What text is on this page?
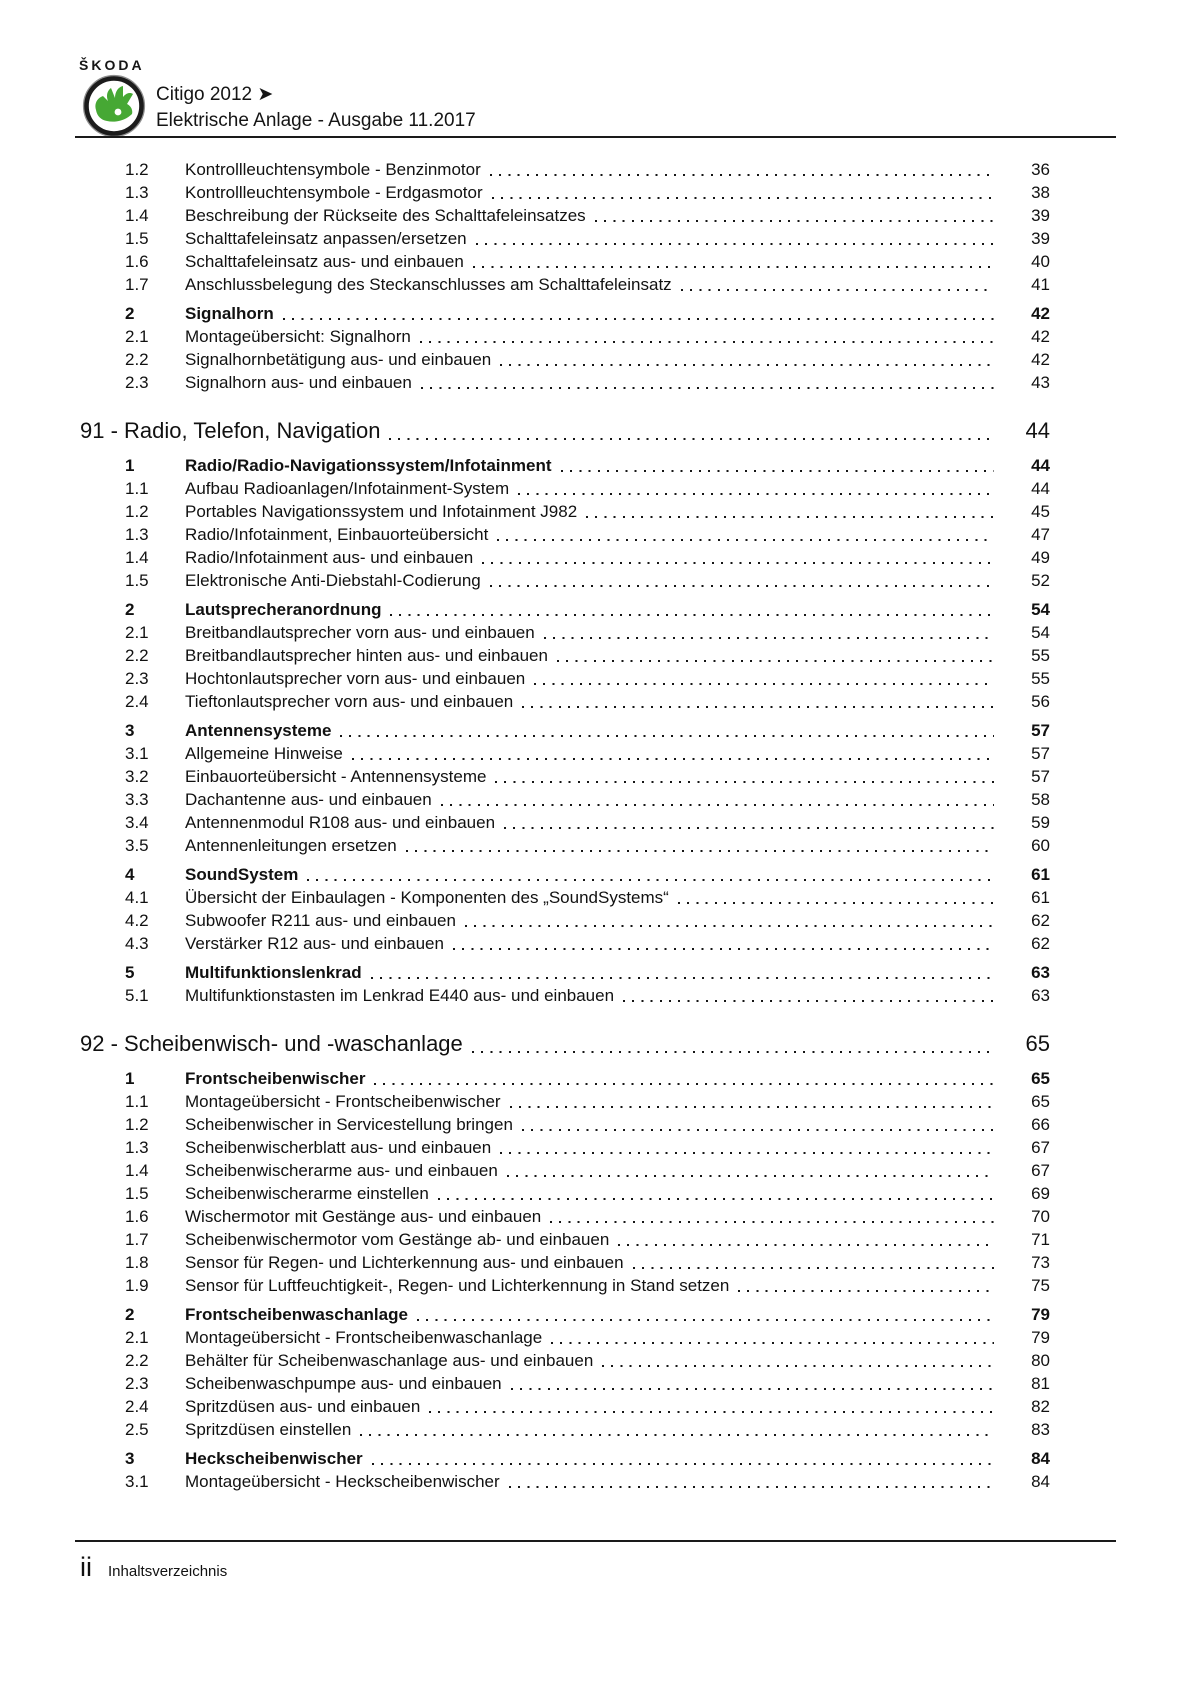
ŠKODA
Citigo 2012 ➤
Elektrische Anlage - Ausgabe 11.2017
1.2	Kontrollleuchtensymbole - Benzinmotor	36
1.3	Kontrollleuchtensymbole - Erdgasmotor	38
1.4	Beschreibung der Rückseite des Schalttafeleinsatzes	39
1.5	Schalttafeleinsatz anpassen/ersetzen	39
1.6	Schalttafeleinsatz aus- und einbauen	40
1.7	Anschlussbelegung des Steckanschlusses am Schalttafeleinsatz	41
2	Signalhorn	42
2.1	Montageübersicht: Signalhorn	42
2.2	Signalhornbetätigung aus- und einbauen	42
2.3	Signalhorn aus- und einbauen	43
91 - Radio, Telefon, Navigation	44
1	Radio/Radio-Navigationssystem/Infotainment	44
1.1	Aufbau Radioanlagen/Infotainment-System	44
1.2	Portables Navigationssystem und Infotainment J982	45
1.3	Radio/Infotainment, Einbauorteübersicht	47
1.4	Radio/Infotainment aus- und einbauen	49
1.5	Elektronische Anti-Diebstahl-Codierung	52
2	Lautsprecheranordnung	54
2.1	Breitbandlautsprecher vorn aus- und einbauen	54
2.2	Breitbandlautsprecher hinten aus- und einbauen	55
2.3	Hochtonlautsprecher vorn aus- und einbauen	55
2.4	Tieftonlautsprecher vorn aus- und einbauen	56
3	Antennensysteme	57
3.1	Allgemeine Hinweise	57
3.2	Einbauorteübersicht - Antennensysteme	57
3.3	Dachantenne aus- und einbauen	58
3.4	Antennenmodul R108 aus- und einbauen	59
3.5	Antennenleitungen ersetzen	60
4	SoundSystem	61
4.1	Übersicht der Einbaulagen - Komponenten des „SoundSystems“	61
4.2	Subwoofer R211 aus- und einbauen	62
4.3	Verstärker R12 aus- und einbauen	62
5	Multifunktionslenkrad	63
5.1	Multifunktionstasten im Lenkrad E440 aus- und einbauen	63
92 - Scheibenwisch- und -waschanlage	65
1	Frontscheibenwischer	65
1.1	Montageübersicht - Frontscheibenwischer	65
1.2	Scheibenwischer in Servicestellung bringen	66
1.3	Scheibenwischerblatt aus- und einbauen	67
1.4	Scheibenwischerarme aus- und einbauen	67
1.5	Scheibenwischerarme einstellen	69
1.6	Wischermotor mit Gestänge aus- und einbauen	70
1.7	Scheibenwischermotor vom Gestänge ab- und einbauen	71
1.8	Sensor für Regen- und Lichterkennung aus- und einbauen	73
1.9	Sensor für Luftfeuchtigkeit-, Regen- und Lichterkennung in Stand setzen	75
2	Frontscheibenwaschanlage	79
2.1	Montageübersicht - Frontscheibenwaschanlage	79
2.2	Behälter für Scheibenwaschanlage aus- und einbauen	80
2.3	Scheibenwaschpumpe aus- und einbauen	81
2.4	Spritzdüsen aus- und einbauen	82
2.5	Spritzdüsen einstellen	83
3	Heckscheibenwischer	84
3.1	Montageübersicht - Heckscheibenwischer	84
ii Inhaltsverzeichnis
